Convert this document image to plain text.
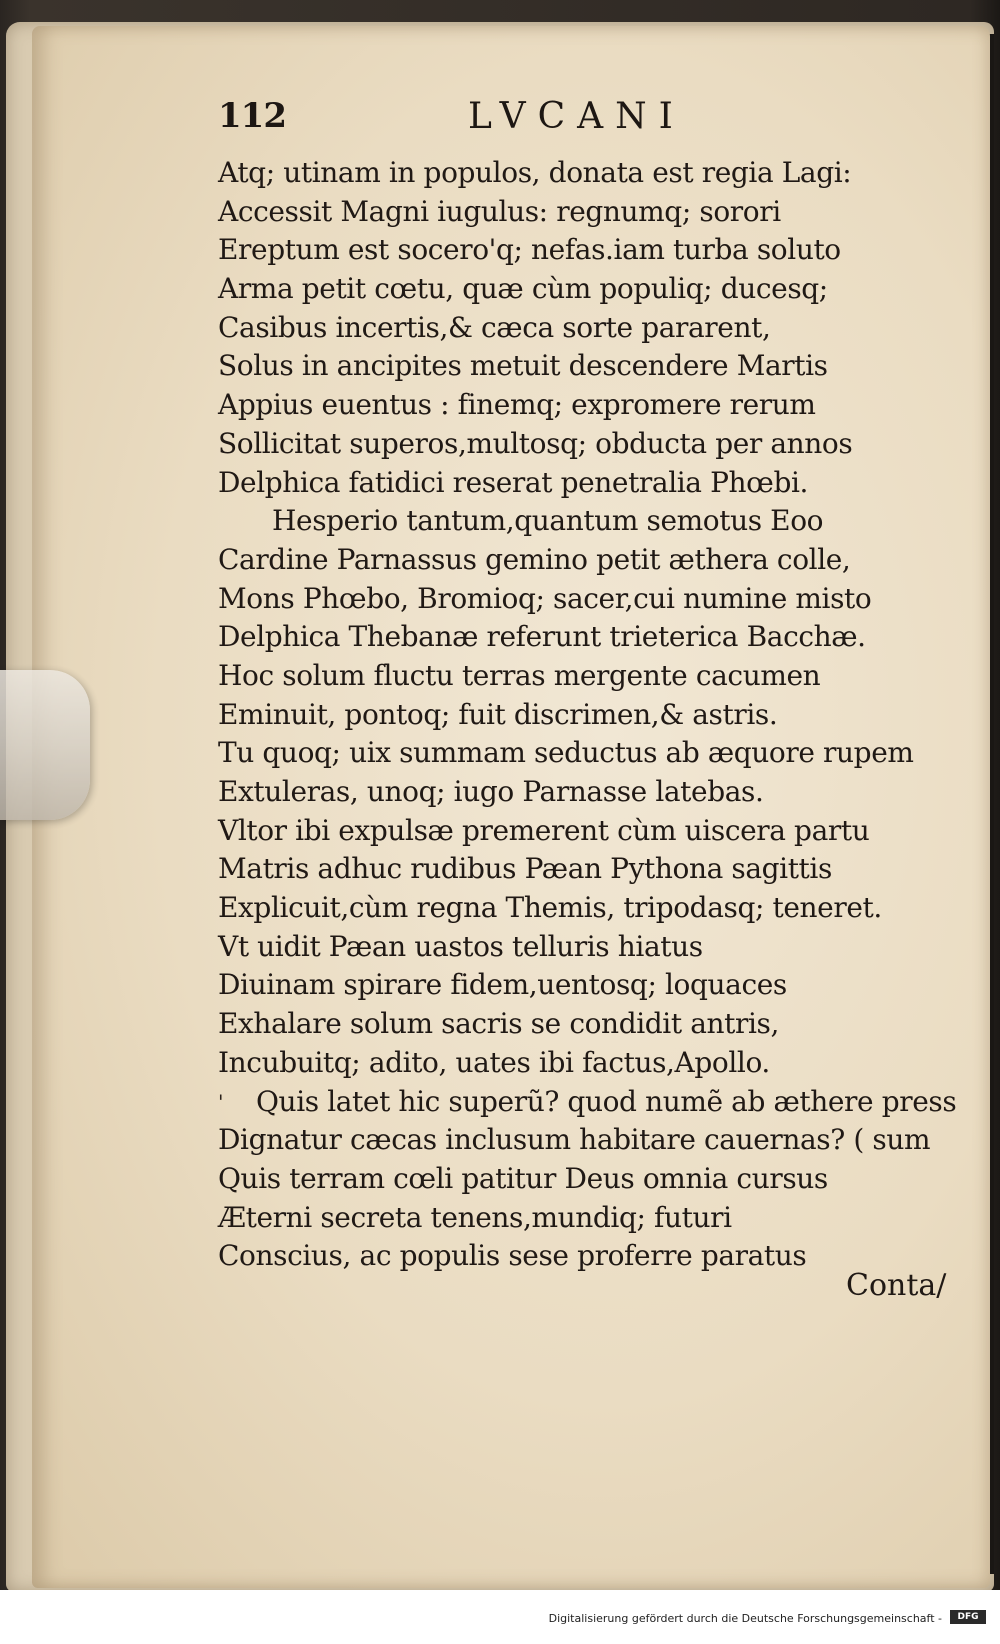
112	LVCANI
Atq; utinam in populos, donata est regia Lagi:
Accessit Magni iugulus: regnumq; sorori
Ereptum est socero'q; nefas.iam turba soluto
Arma petit cœtu, quæ cùm populiq; ducesq;
Casibus incertis,& cæca sorte pararent,
Solus in ancipites metuit descendere Martis
Appius euentus : finemq; expromere rerum
Sollicitat superos,multosq; obducta per annos
Delphica fatidici reserat penetralia Phœbi.
Hesperio tantum,quantum semotus Eoo
Cardine Parnassus gemino petit æthera colle,
Mons Phœbo, Bromioq; sacer,cui numine misto
Delphica Thebanæ referunt trieterica Bacchæ.
Hoc solum fluctu terras mergente cacumen
Eminuit, pontoq; fuit discrimen,& astris.
Tu quoq; uix summam seductus ab æquore rupem
Extuleras, unoq; iugo Parnasse latebas.
Vltor ibi expulsæ premerent cùm uiscera partu
Matris adhuc rudibus Pæan Pythona sagittis
Explicuit,cùm regna Themis, tripodasq; teneret.
Vt uidit Pæan uastos telluris hiatus
Diuinam spirare fidem,uentosq; loquaces
Exhalare solum sacris se condidit antris,
Incubuitq; adito, uates ibi factus,Apollo.
' Quis latet hic superũ? quod numẽ ab æthere press
Dignatur cæcas inclusum habitare cauernas? ( sum
Quis terram cœli patitur Deus omnia cursus
Æterni secreta tenens,mundiq; futuri
Conscius, ac populis sese proferre paratus
Conta/
Digitalisierung gefördert durch die Deutsche Forschungsgemeinschaft -	DFG
